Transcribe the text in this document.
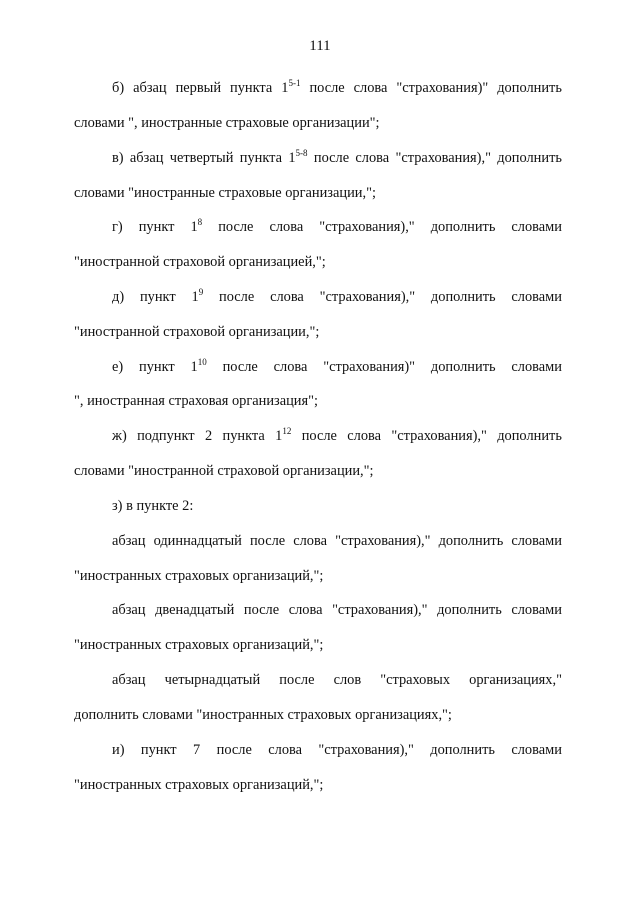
111
б) абзац первый пункта 1$^{5-1}$ после слова "страхования)" дополнить
словами ", иностранные страховые организации";
в) абзац четвертый пункта 1$^{5-8}$ после слова "страхования)," дополнить
словами "иностранные страховые организации,";
г) пункт $1^8$ после слова "страхования)," дополнить словами
"иностранной страховой организацией,";
д) пункт $1^9$ после слова "страхования)," дополнить словами
"иностранной страховой организации,";
е) пункт $1^{10}$ после слова "страхования)" дополнить словами
", иностранная страховая организация";
ж) подпункт 2 пункта $1^{12}$ после слова "страхования)," дополнить
словами "иностранной страховой организации,";
з) в пункте 2:
абзац одиннадцатый после слова "страхования)," дополнить словами
"иностранных страховых организаций,";
абзац двенадцатый после слова "страхования)," дополнить словами
"иностранных страховых организаций,";
абзац четырнадцатый после слов "страховых организациях,"
дополнить словами "иностранных страховых организациях,";
и) пункт 7 после слова "страхования)," дополнить словами
"иностранных страховых организаций,";
